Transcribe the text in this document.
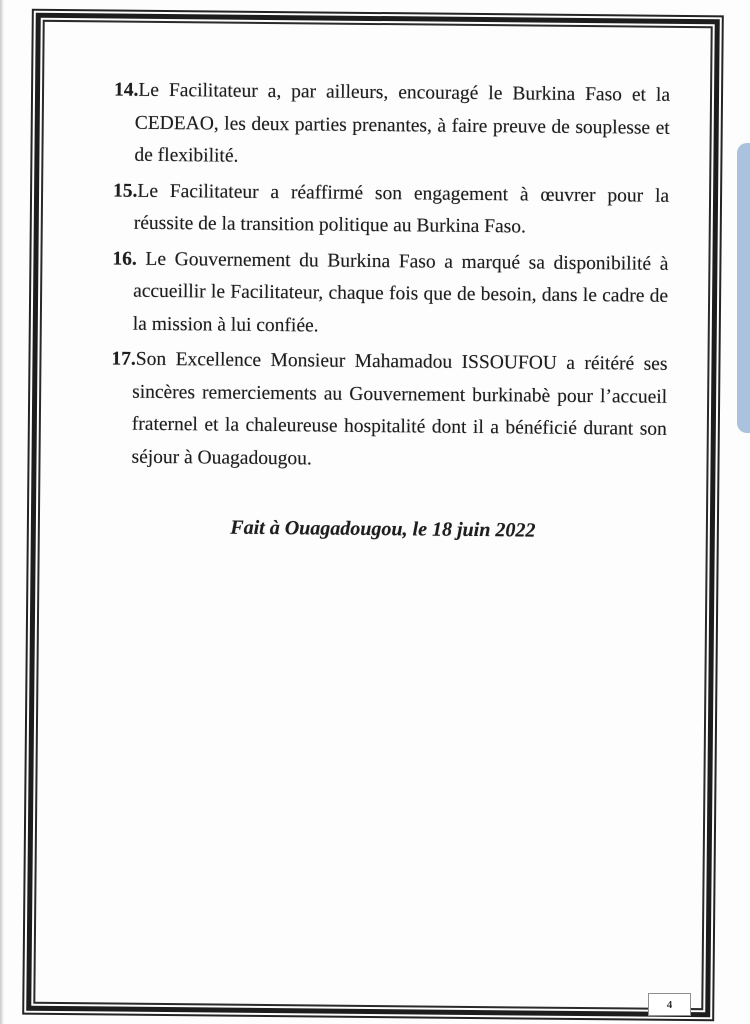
14.Le Facilitateur a, par ailleurs, encouragé le Burkina Faso et la CEDEAO, les deux parties prenantes, à faire preuve de souplesse et de flexibilité.
15.Le Facilitateur a réaffirmé son engagement à œuvrer pour la réussite de la transition politique au Burkina Faso.
16. Le Gouvernement du Burkina Faso a marqué sa disponibilité à accueillir le Facilitateur, chaque fois que de besoin, dans le cadre de la mission à lui confiée.
17.Son Excellence Monsieur Mahamadou ISSOUFOU a réitéré ses sincères remerciements au Gouvernement burkinabè pour l’accueil fraternel et la chaleureuse hospitalité dont il a bénéficié durant son séjour à Ouagadougou.

Fait à Ouagadougou, le 18 juin 2022

4
